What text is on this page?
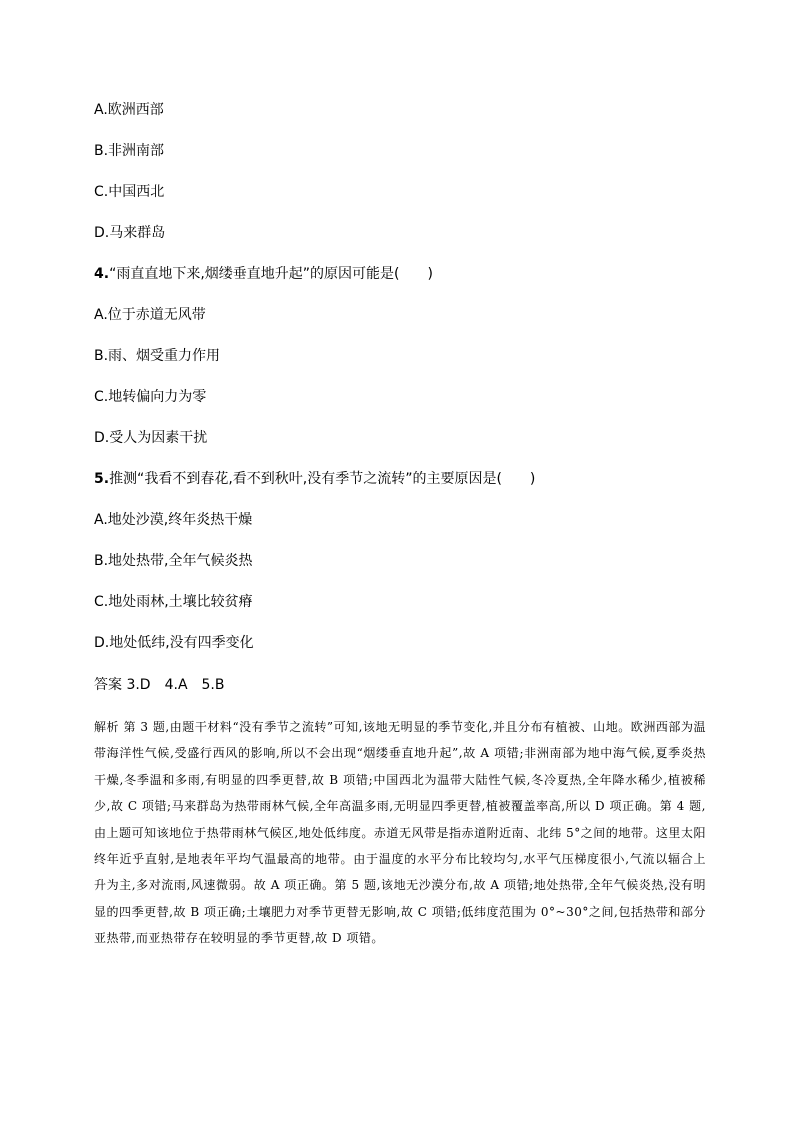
A.欧洲西部
B.非洲南部
C.中国西北
D.马来群岛
4.“雨直直地下来,烟缕垂直地升起”的原因可能是(　　)
A.位于赤道无风带
B.雨、烟受重力作用
C.地转偏向力为零
D.受人为因素干扰
5.推测“我看不到春花,看不到秋叶,没有季节之流转”的主要原因是(　　)
A.地处沙漠,终年炎热干燥
B.地处热带,全年气候炎热
C.地处雨林,土壤比较贫瘠
D.地处低纬,没有四季变化
答案 3.D　4.A　5.B
解析 第 3 题,由题干材料“没有季节之流转”可知,该地无明显的季节变化,并且分布有植被、山地。欧洲西部为温带海洋性气候,受盛行西风的影响,所以不会出现“烟缕垂直地升起”,故 A 项错;非洲南部为地中海气候,夏季炎热干燥,冬季温和多雨,有明显的四季更替,故 B 项错;中国西北为温带大陆性气候,冬冷夏热,全年降水稀少,植被稀少,故 C 项错;马来群岛为热带雨林气候,全年高温多雨,无明显四季更替,植被覆盖率高,所以 D 项正确。第 4 题,由上题可知该地位于热带雨林气候区,地处低纬度。赤道无风带是指赤道附近南、北纬 5°之间的地带。这里太阳终年近乎直射,是地表年平均气温最高的地带。由于温度的水平分布比较均匀,水平气压梯度很小,气流以辐合上升为主,多对流雨,风速微弱。故 A 项正确。第 5 题,该地无沙漠分布,故 A 项错;地处热带,全年气候炎热,没有明显的四季更替,故 B 项正确;土壤肥力对季节更替无影响,故 C 项错;低纬度范围为 0°~30°之间,包括热带和部分亚热带,而亚热带存在较明显的季节更替,故 D 项错。
